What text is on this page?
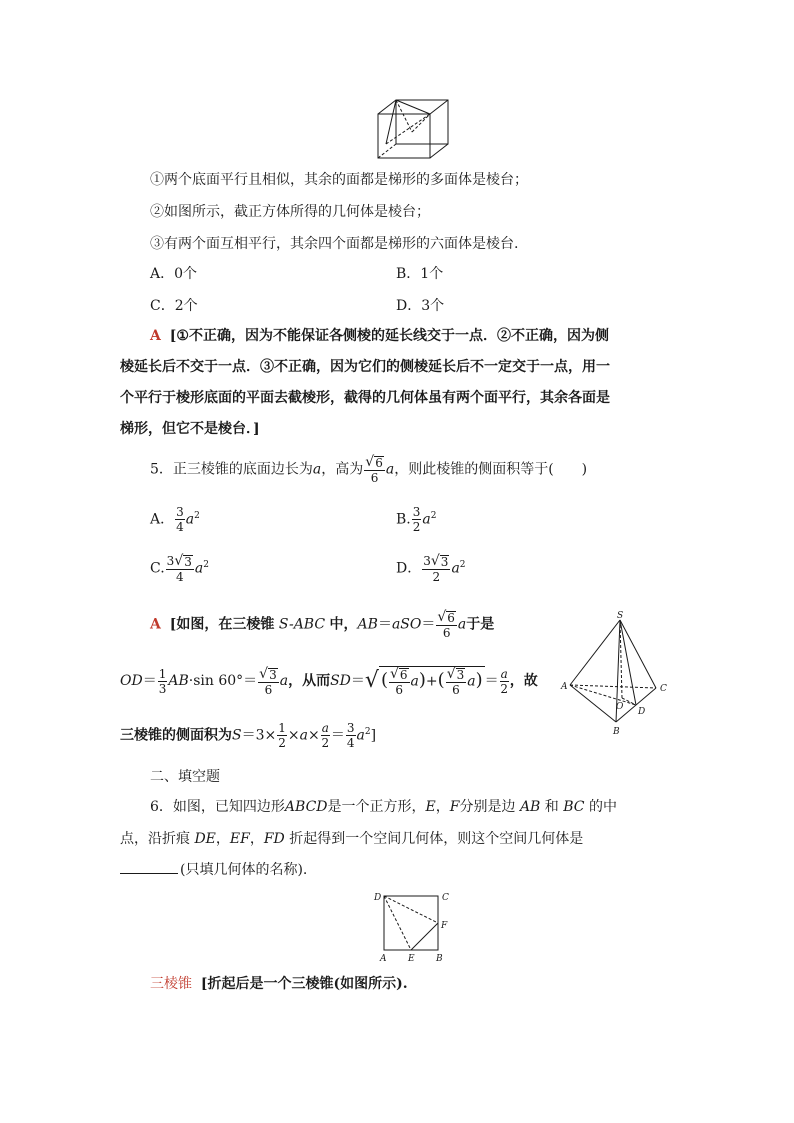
①两个底面平行且相似，其余的面都是梯形的多面体是棱台；
②如图所示，截正方体所得的几何体是棱台；
③有两个面互相平行，其余四个面都是梯形的六面体是棱台.
A．0个	B．1个
C．2个	D．3个
A [①不正确，因为不能保证各侧棱的延长线交于一点．②不正确，因为侧
棱延长后不交于一点．③不正确，因为它们的侧棱延长后不一定交于一点，用一
个平行于棱形底面的平面去截棱形，截得的几何体虽有两个面平行，其余各面是
梯形，但它不是棱台．]
5．正三棱锥的底面边长为a，高为 $\frac{√ 6}{6}$ a，则此棱锥的侧面积等于(　　)
A． $\frac{3}{4} a^2$	B. $\frac{3}{2} a^2$
C. $\frac{3 √ 3}{4} a^2$	D． $\frac{3 √ 3}{2} a^2$
A [如图，在三棱锥 S-ABC 中，$AB=aSO= \frac{√ 6}{6}$ a于是
$OD= \frac{1}{3} AB\cdot\sin$ $60^\circ= \frac{√ 3}{6}$ a，从而SD＝√ ( $\frac{√ 6}{6} a)+( \frac{√ 3}{6} a) = \frac{a}{2}$ ，故
三棱锥的侧面积为$S=3\times \frac{1}{2} \times a\times \frac{a}{2} = \frac{3}{4} a^2$]
S
A	C
O D
B
二、填空题
6．如图，已知四边形ABCD是一个正方形，E，F分别是边 AB 和 BC 的中
点，沿折痕 DE，EF，FD 折起得到一个空间几何体，则这个空间几何体是
(只填几何体的名称).
D	C
F
A E B
三棱锥 [折起后是一个三棱锥(如图所示).
